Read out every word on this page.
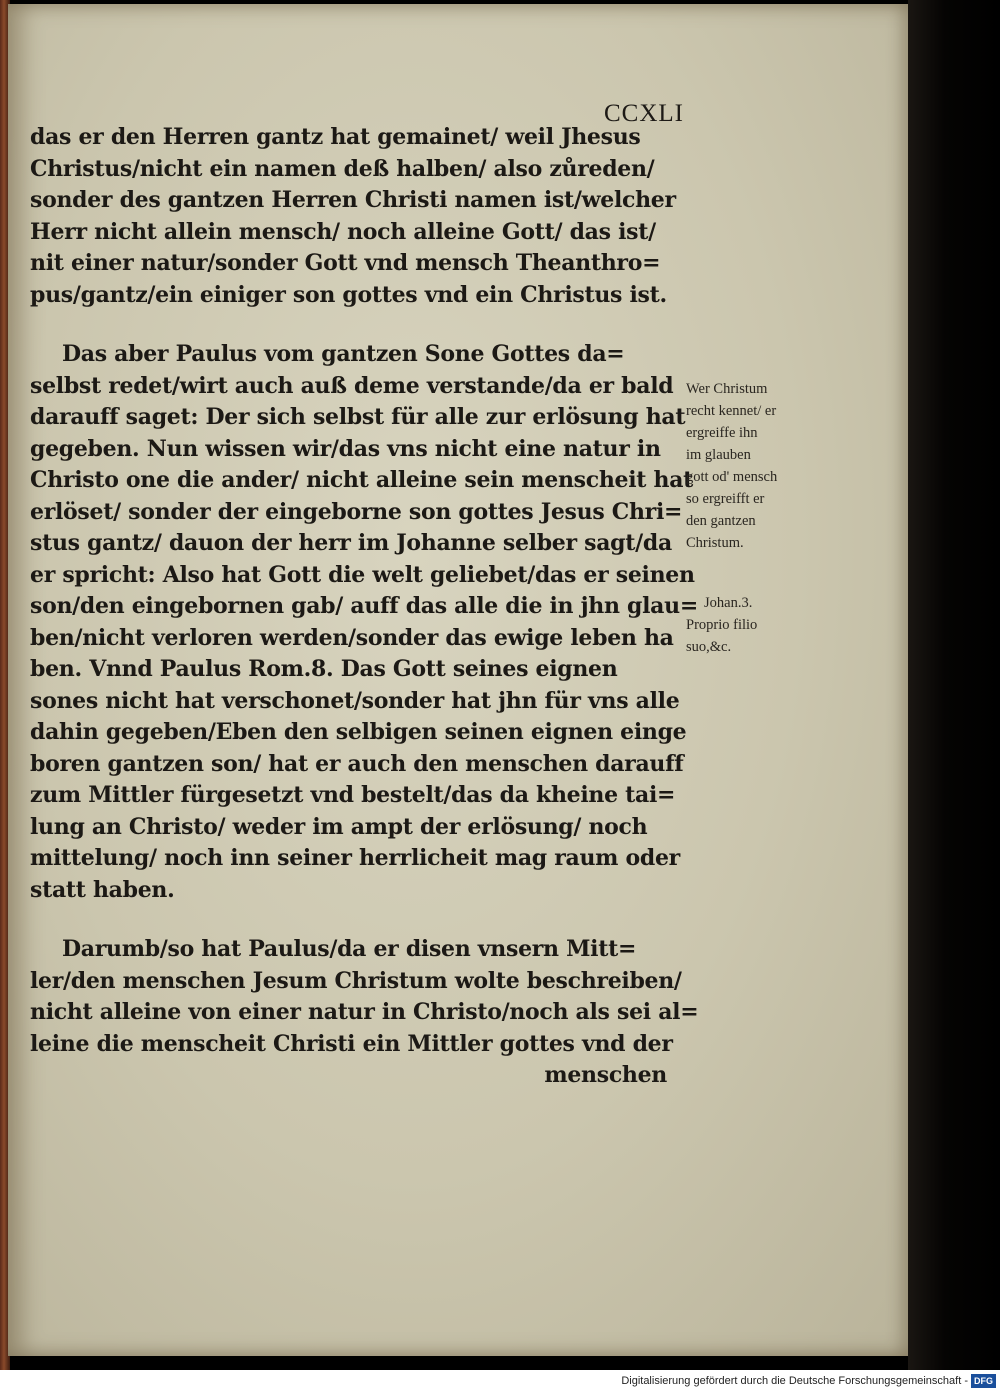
CCXLI
das er den Herren gantz hat gemainet/ weil Jhesus
Christus/nicht ein namen deß halben/ also zůreden/
sonder des gantzen Herren Christi namen ist/welcher
Herr nicht allein mensch/ noch alleine Gott/ das ist/
nit einer natur/sonder Gott vnd mensch Theanthro=
pus/gantz/ein einiger son gottes vnd ein Christus ist.
Das aber Paulus vom gantzen Sone Gottes da=
selbst redet/wirt auch auß deme verstande/da er bald
darauff saget: Der sich selbst für alle zur erlösung hat
gegeben. Nun wissen wir/das vns nicht eine natur in
Christo one die ander/ nicht alleine sein menscheit hat
erlöset/ sonder der eingeborne son gottes Jesus Chri=
stus gantz/ dauon der herr im Johanne selber sagt/da
er spricht: Also hat Gott die welt geliebet/das er seinen
son/den eingebornen gab/ auff das alle die in jhn glau=
ben/nicht verloren werden/sonder das ewige leben ha
ben. Vnnd Paulus Rom.8. Das Gott seines eignen
sones nicht hat verschonet/sonder hat jhn für vns alle
dahin gegeben/Eben den selbigen seinen eignen einge
boren gantzen son/ hat er auch den menschen darauff
zum Mittler fürgesetzt vnd bestelt/das da kheine tai=
lung an Christo/ weder im ampt der erlösung/ noch
mittelung/ noch inn seiner herrlicheit mag raum oder
statt haben.
Darumb/so hat Paulus/da er disen vnsern Mitt=
ler/den menschen Jesum Christum wolte beschreiben/
nicht alleine von einer natur in Christo/noch als sei al=
leine die menscheit Christi ein Mittler gottes vnd der
menschen
Wer Christum
recht kennet/ er
ergreiffe ihn
im glauben
gott od' mensch
so ergreifft er
den gantzen
Christum.
Johan.3.
Proprio filio
suo,&c.
Digitalisierung gefördert durch die Deutsche Forschungsgemeinschaft - DFG
